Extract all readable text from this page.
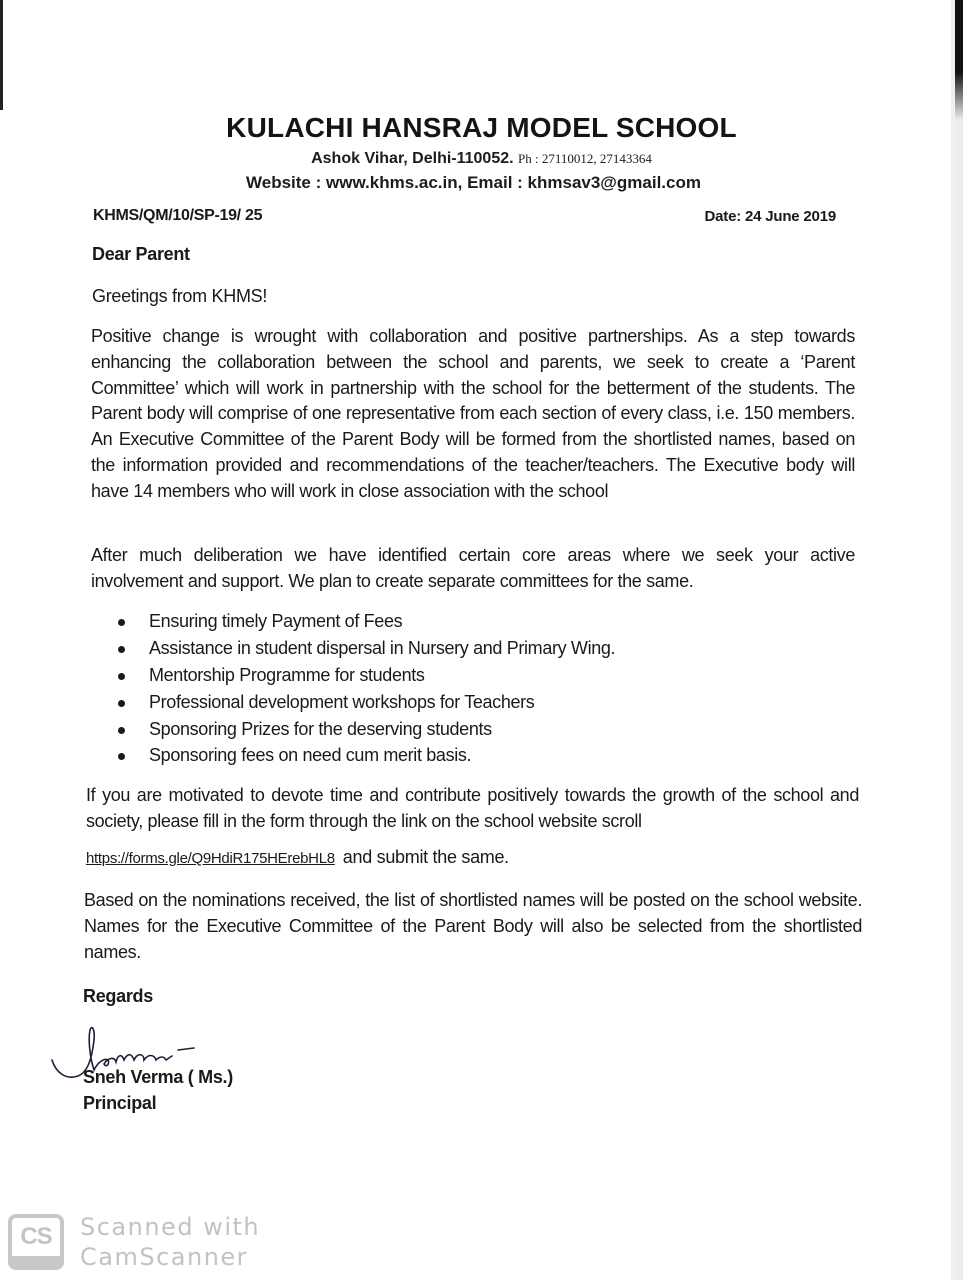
KULACHI HANSRAJ MODEL SCHOOL
Ashok Vihar, Delhi-110052. Ph : 27110012, 27143364
Website : www.khms.ac.in, Email : khmsav3@gmail.com
KHMS/QM/10/SP-19/ 25	Date: 24 June 2019
Dear Parent
Greetings from KHMS!
Positive change is wrought with collaboration and positive partnerships. As a step towards enhancing the collaboration between the school and parents, we seek to create a ‘Parent Committee’ which will work in partnership with the school for the betterment of the students. The Parent body will comprise of one representative from each section of every class, i.e. 150 members. An Executive Committee of the Parent Body will be formed from the shortlisted names, based on the information provided and recommendations of the teacher/teachers. The Executive body will have 14 members who will work in close association with the school
After much deliberation we have identified certain core areas where we seek your active involvement and support. We plan to create separate committees for the same.
Ensuring timely Payment of Fees
Assistance in student dispersal in Nursery and Primary Wing.
Mentorship Programme for students
Professional development workshops for Teachers
Sponsoring Prizes for the deserving students
Sponsoring fees on need cum merit basis.
If you are motivated to devote time and contribute positively towards the growth of the school and society, please fill in the form through the link on the school website scroll
https://forms.gle/Q9HdiR175HErebHL8 and submit the same.
Based on the nominations received, the list of shortlisted names will be posted on the school website. Names for the Executive Committee of the Parent Body will also be selected from the shortlisted names.
Regards
Sneh Verma ( Ms.)
Principal
CS	Scanned with
CamScanner
